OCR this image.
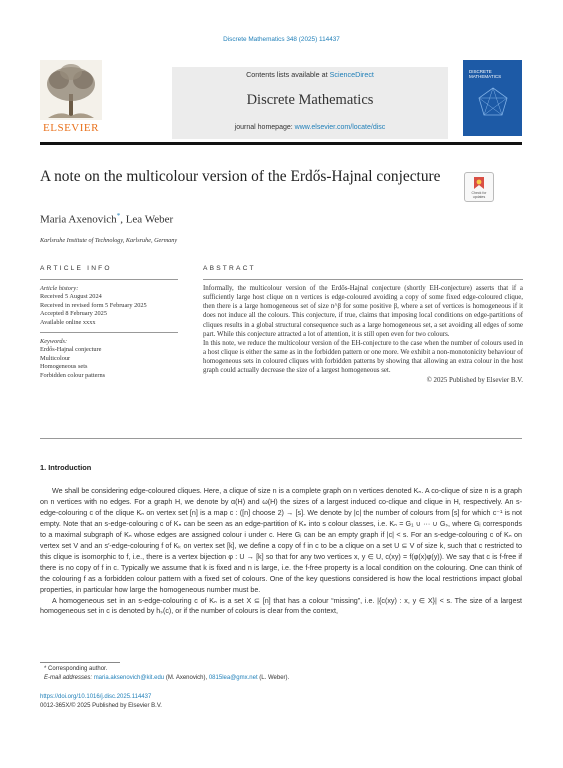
Discrete Mathematics 348 (2025) 114437
ELSEVIER
Contents lists available at ScienceDirect
Discrete Mathematics
journal homepage: www.elsevier.com/locate/disc
DISCRETE MATHEMATICS
A note on the multicolour version of the Erdős-Hajnal conjecture
Check for updates
Maria Axenovich*, Lea Weber
Karlsruhe Institute of Technology, Karlsruhe, Germany
ARTICLE INFO
Article history:
Received 5 August 2024
Received in revised form 5 February 2025
Accepted 8 February 2025
Available online xxxx
Keywords:
Erdős-Hajnal conjecture
Multicolour
Homogeneous sets
Forbidden colour patterns
ABSTRACT

Informally, the multicolour version of the Erdős-Hajnal conjecture (shortly EH-conjecture) asserts that if a sufficiently large host clique on n vertices is edge-coloured avoiding a copy of some fixed edge-coloured clique, then there is a large homogeneous set of size n^β for some positive β, where a set of vertices is homogeneous if it does not induce all the colours. This conjecture, if true, claims that imposing local conditions on edge-partitions of cliques results in a global structural consequence such as a large homogeneous set, a set avoiding all edges of some part. While this conjecture attracted a lot of attention, it is still open even for two colours.

In this note, we reduce the multicolour version of the EH-conjecture to the case when the number of colours used in a host clique is either the same as in the forbidden pattern or one more. We exhibit a non-monotonicity behaviour of homogeneous sets in coloured cliques with forbidden patterns by showing that allowing an extra colour in the host graph could actually decrease the size of a largest homogeneous set.

© 2025 Published by Elsevier B.V.

1. Introduction

We shall be considering edge-coloured cliques. Here, a clique of size n is a complete graph on n vertices denoted Kₙ. A co-clique of size n is a graph on n vertices with no edges. For a graph H, we denote by α(H) and ω(H) the sizes of a largest induced co-clique and clique in H, respectively. An s-edge-colouring c of the clique Kₙ on vertex set [n] is a map c : ([n] choose 2) → [s]. We denote by |c| the number of colours from [s] for which c⁻¹ is not empty. Note that an s-edge-colouring c of Kₙ can be seen as an edge-partition of Kₙ into s colour classes, i.e. Kₙ = G₁ ∪ ··· ∪ Gₛ, where Gᵢ corresponds to a maximal subgraph of Kₙ whose edges are assigned colour i under c. Here Gᵢ can be an empty graph if |c| < s. For an s-edge-colouring c of Kₙ on vertex set V and an s′-edge-colouring f of Kₖ on vertex set [k], we define a copy of f in c to be a clique on a set U ⊆ V of size k, such that c restricted to this clique is isomorphic to f, i.e., there is a vertex bijection φ : U → [k] so that for any two vertices x, y ∈ U, c(xy) = f(φ(x)φ(y)). We say that c is f-free if there is no copy of f in c. Typically we assume that k is fixed and n is large, i.e. the f-free property is a local condition on the colouring. One can think of the colouring f as a forbidden colour pattern with a fixed set of colours. One of the key questions considered is how the local restrictions impact global properties, in particular how large the homogeneous number must be.

A homogeneous set in an s-edge-colouring c of Kₙ is a set X ⊆ [n] that has a colour “missing”, i.e. |{c(xy) : x, y ∈ X}| < s. The size of a largest homogeneous set in c is denoted by hₛ(c), or if the number of colours is clear from the context,

* Corresponding author.
E-mail addresses: maria.aksenovich@kit.edu (M. Axenovich), 0815lea@gmx.net (L. Weber).
https://doi.org/10.1016/j.disc.2025.114437
0012-365X/© 2025 Published by Elsevier B.V.
